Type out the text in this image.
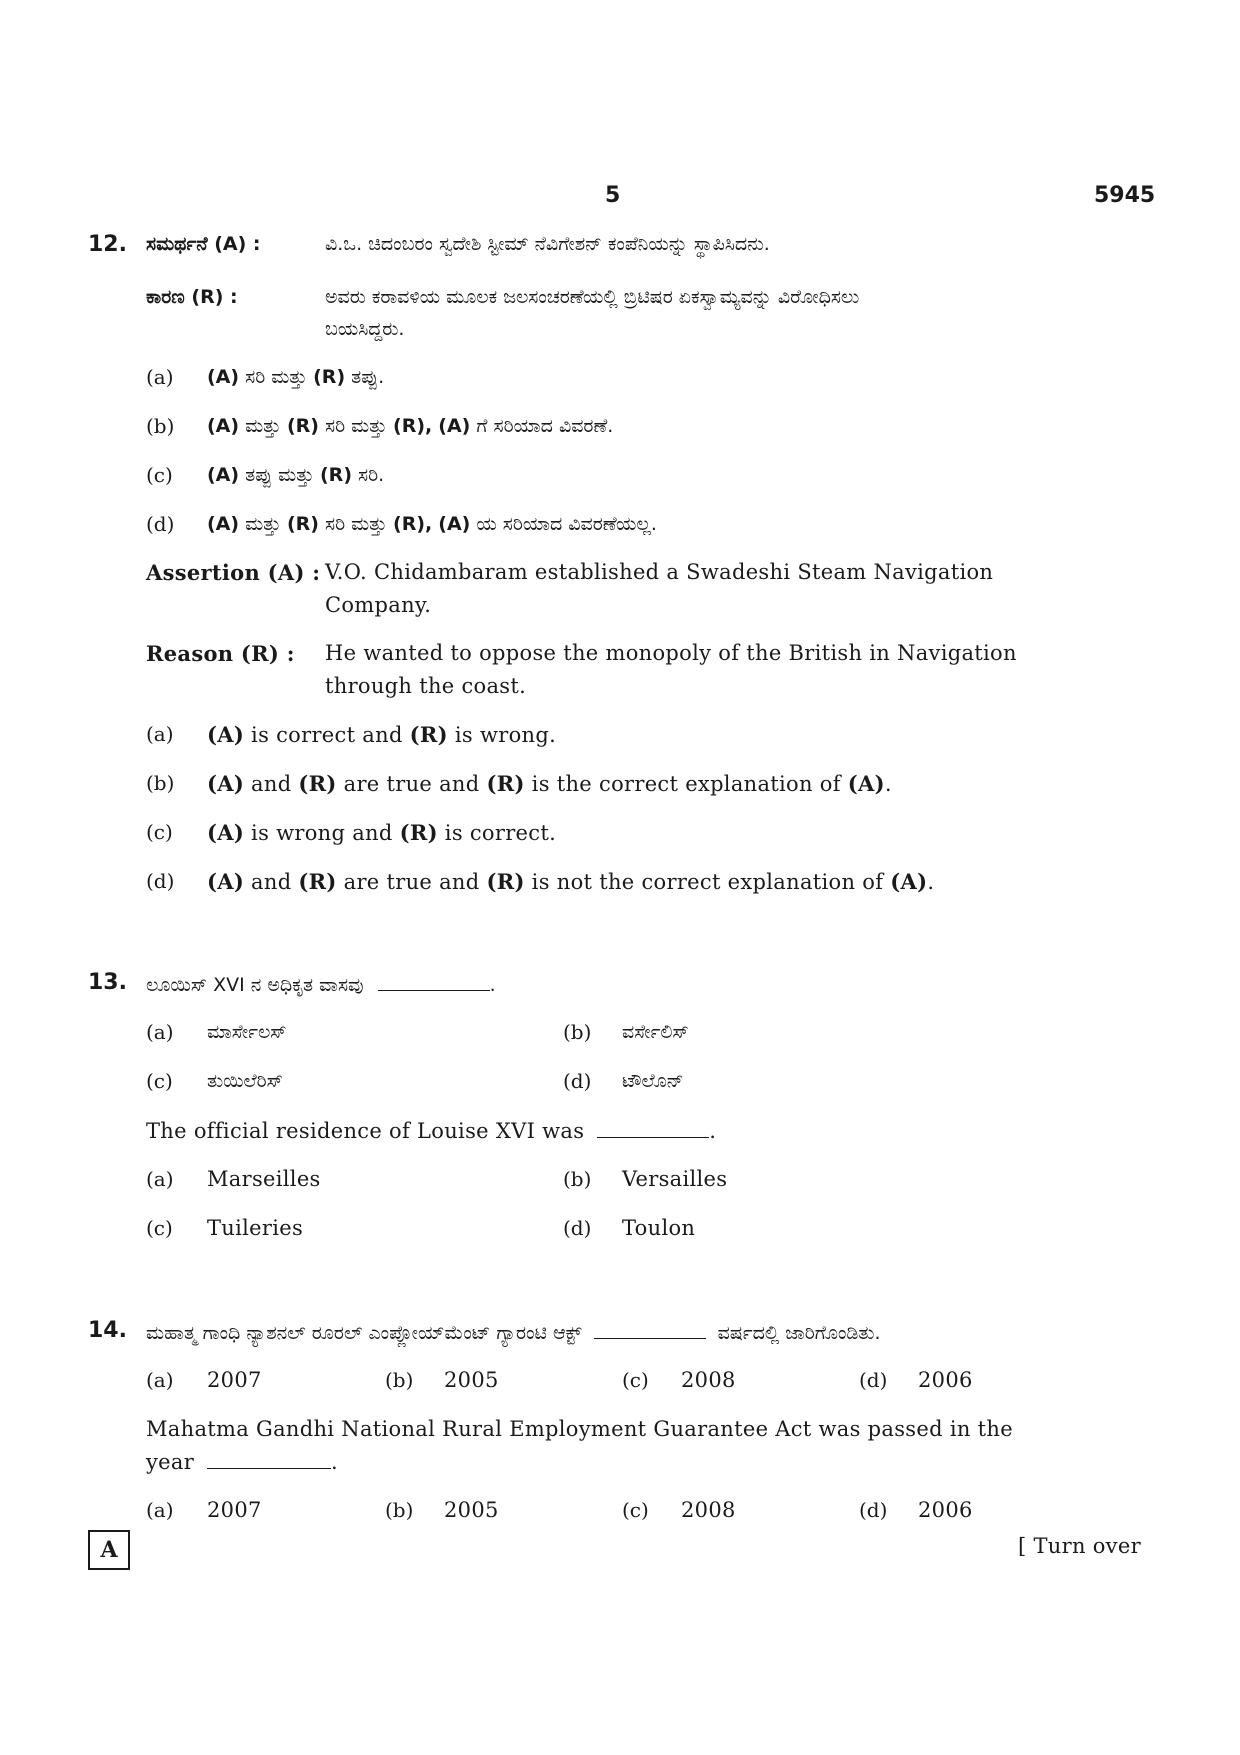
5	5945
12. ಸಮರ್ಥನೆ (A) :	ವಿ.ಒ. ಚಿದಂಬರಂ ಸ್ವದೇಶಿ ಸ್ಟೀಮ್ ನೆವಿಗೇಶನ್ ಕಂಪೆನಿಯನ್ನು ಸ್ಥಾಪಿಸಿದನು.
ಕಾರಣ (R) :	ಅವರು ಕರಾವಳಿಯ ಮೂಲಕ ಜಲಸಂಚರಣೆಯಲ್ಲಿ ಬ್ರಿಟಿಷರ ಏಕಸ್ವಾಮ್ಯವನ್ನು ವಿರೋಧಿಸಲು
ಬಯಸಿದ್ದರು.
(a) (A) ಸರಿ ಮತ್ತು (R) ತಪ್ಪು.
(b) (A) ಮತ್ತು (R) ಸರಿ ಮತ್ತು (R), (A) ಗೆ ಸರಿಯಾದ ವಿವರಣೆ.
(c) (A) ತಪ್ಪು ಮತ್ತು (R) ಸರಿ.
(d) (A) ಮತ್ತು (R) ಸರಿ ಮತ್ತು (R), (A) ಯ ಸರಿಯಾದ ವಿವರಣೆಯಲ್ಲ.
Assertion (A) : V.O. Chidambaram established a Swadeshi Steam Navigation
Company.
Reason (R) : He wanted to oppose the monopoly of the British in Navigation
through the coast.
(a) (A) is correct and (R) is wrong.
(b) (A) and (R) are true and (R) is the correct explanation of (A).
(c) (A) is wrong and (R) is correct.
(d) (A) and (R) are true and (R) is not the correct explanation of (A).
13. ಲೂಯಿಸ್ XVI ನ ಅಧಿಕೃತ ವಾಸವು	.
(a) ಮಾರ್ಸೇಲಸ್	(b) ವರ್ಸೇಲಿಸ್
(c) ತುಯಿಲೆರಿಸ್	(d) ಟೌಲೊನ್
The official residence of Louise XVI was	.
(a) Marseilles	(b) Versailles
(c) Tuileries	(d) Toulon
14. ಮಹಾತ್ಮ ಗಾಂಧಿ ನ್ಯಾಶನಲ್ ರೂರಲ್ ಎಂಪ್ಲೋಯ್‌ಮೆಂಟ್ ಗ್ಯಾರಂಟಿ ಆಕ್ಟ್	ವರ್ಷದಲ್ಲಿ ಜಾರಿಗೊಂಡಿತು.
(a) 2007	(b) 2005	(c) 2008	(d) 2006
Mahatma Gandhi National Rural Employment Guarantee Act was passed in the
year	.
(a) 2007	(b) 2005	(c) 2008	(d) 2006
A	[ Turn over
